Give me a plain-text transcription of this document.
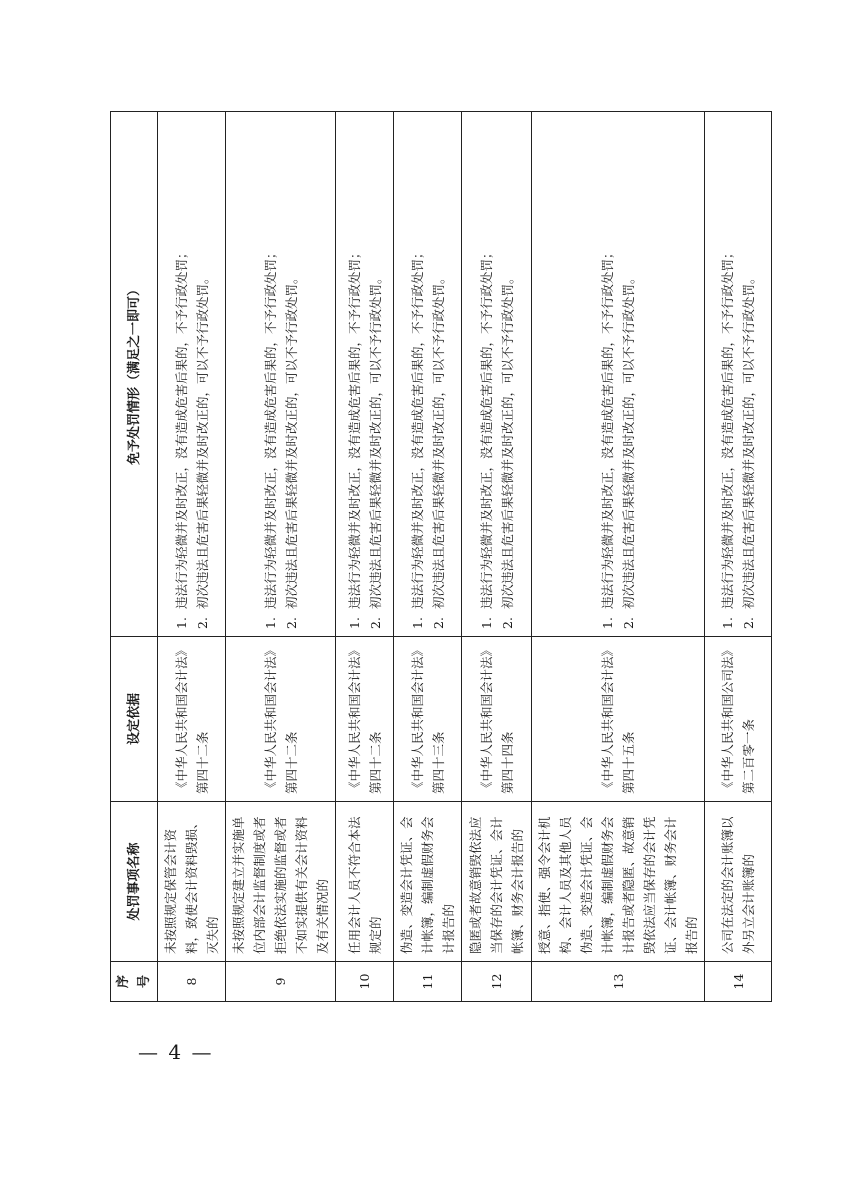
序号	处罚事项名称	设定依据	免予处罚情形（满足之一即可）
8	未按照规定保管会计资料，致使会计资料毁损、灭失的	《中华人民共和国会计法》第四十二条	1.违法行为轻微并及时改正，没有造成危害后果的，不予行政处罚；
2.初次违法且危害后果轻微并及时改正的，可以不予行政处罚。

9	未按照规定建立并实施单位内部会计监督制度或者拒绝依法实施的监督或者不如实提供有关会计资料及有关情况的	《中华人民共和国会计法》第四十二条	1.违法行为轻微并及时改正，没有造成危害后果的，不予行政处罚；
2.初次违法且危害后果轻微并及时改正的，可以不予行政处罚。

10	任用会计人员不符合本法规定的	《中华人民共和国会计法》第四十二条	1.违法行为轻微并及时改正，没有造成危害后果的，不予行政处罚；
2.初次违法且危害后果轻微并及时改正的，可以不予行政处罚。

11	伪造、变造会计凭证、会计帐簿，编制虚假财务会计报告的	《中华人民共和国会计法》第四十三条	1.违法行为轻微并及时改正，没有造成危害后果的，不予行政处罚；
2.初次违法且危害后果轻微并及时改正的，可以不予行政处罚。

12	隐匿或者故意销毁依法应当保存的会计凭证、会计帐簿、财务会计报告的	《中华人民共和国会计法》第四十四条	1.违法行为轻微并及时改正，没有造成危害后果的，不予行政处罚；
2.初次违法且危害后果轻微并及时改正的，可以不予行政处罚。

13	授意、指使、强令会计机构、会计人员及其他人员伪造、变造会计凭证、会计帐簿，编制虚假财务会计报告或者隐匿、故意销毁依法应当保存的会计凭证、会计帐簿、财务会计报告的	《中华人民共和国会计法》第四十五条	1.违法行为轻微并及时改正，没有造成危害后果的，不予行政处罚；
2.初次违法且危害后果轻微并及时改正的，可以不予行政处罚。

14	公司在法定的会计账簿以外另立会计账簿的	《中华人民共和国公司法》第二百零一条	1.违法行为轻微并及时改正，没有造成危害后果的，不予行政处罚；
2.初次违法且危害后果轻微并及时改正的，可以不予行政处罚。
— 4 —
